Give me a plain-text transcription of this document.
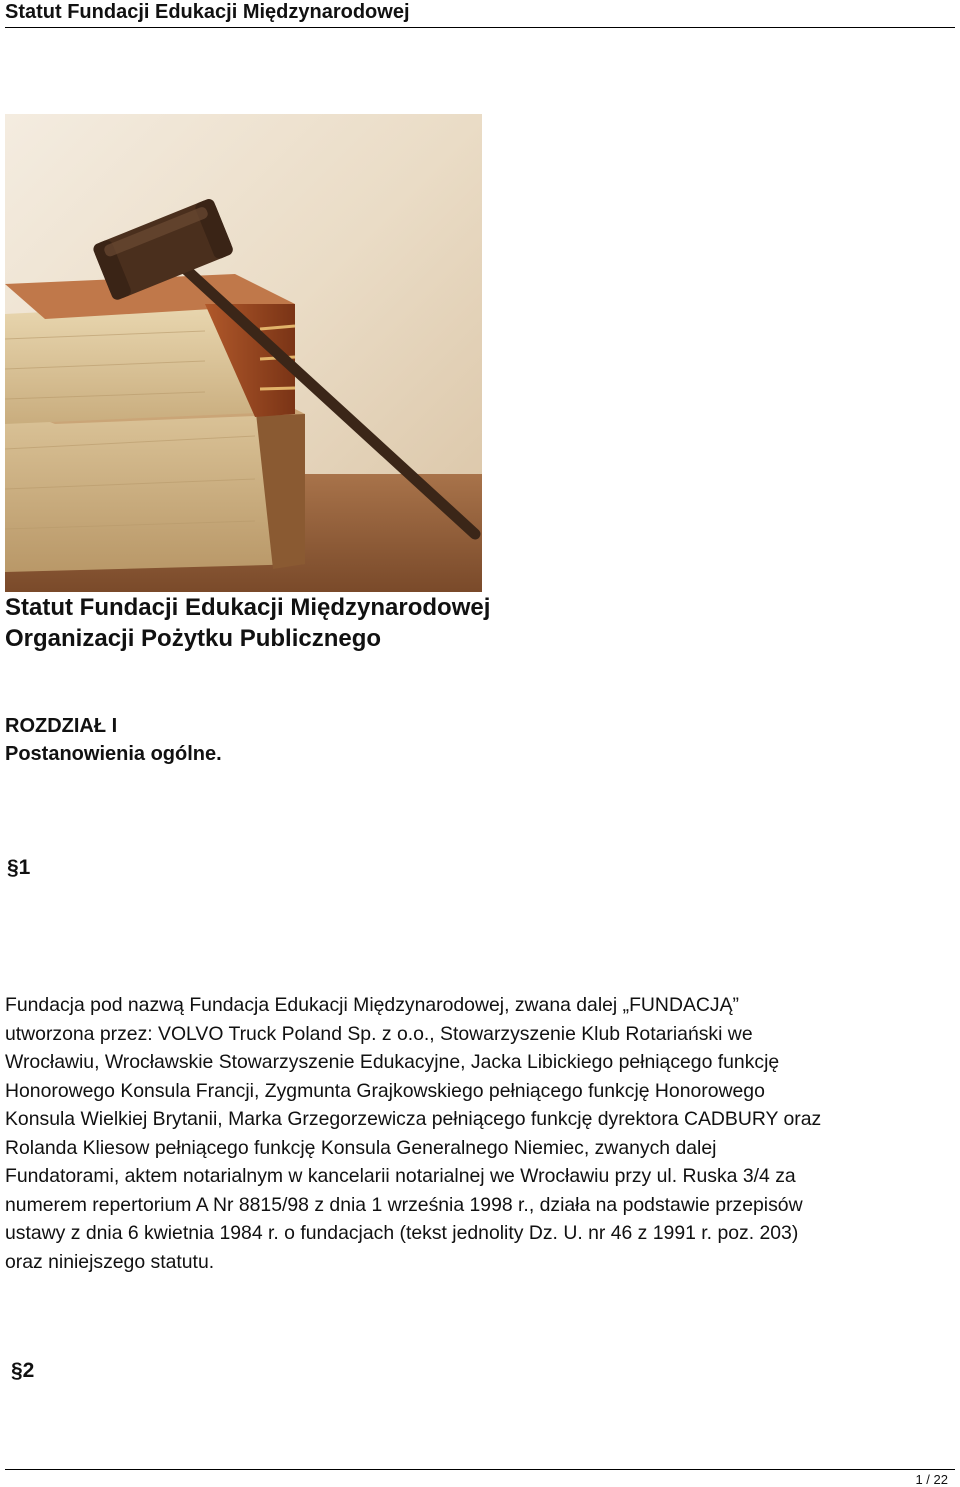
Statut Fundacji Edukacji Międzynarodowej
Statut Fundacji Edukacji Międzynarodowej
Organizacji Pożytku Publicznego
ROZDZIAŁ I
Postanowienia ogólne.
§1
Fundacja pod nazwą Fundacja Edukacji Międzynarodowej, zwana dalej „FUNDACJĄ”
utworzona przez: VOLVO Truck Poland Sp. z o.o., Stowarzyszenie Klub Rotariański we
Wrocławiu, Wrocławskie Stowarzyszenie Edukacyjne, Jacka Libickiego pełniącego funkcję
Honorowego Konsula Francji, Zygmunta Grajkowskiego pełniącego funkcję Honorowego
Konsula Wielkiej Brytanii, Marka Grzegorzewicza pełniącego funkcję dyrektora CADBURY oraz
Rolanda Kliesow pełniącego funkcję Konsula Generalnego Niemiec, zwanych dalej
Fundatorami, aktem notarialnym w kancelarii notarialnej we Wrocławiu przy ul. Ruska 3/4 za
numerem repertorium A Nr 8815/98 z dnia 1 września 1998 r., działa na podstawie przepisów
ustawy z dnia 6 kwietnia 1984 r. o fundacjach (tekst jednolity Dz. U. nr 46 z 1991 r. poz. 203)
oraz niniejszego statutu.
§2
1 / 22
